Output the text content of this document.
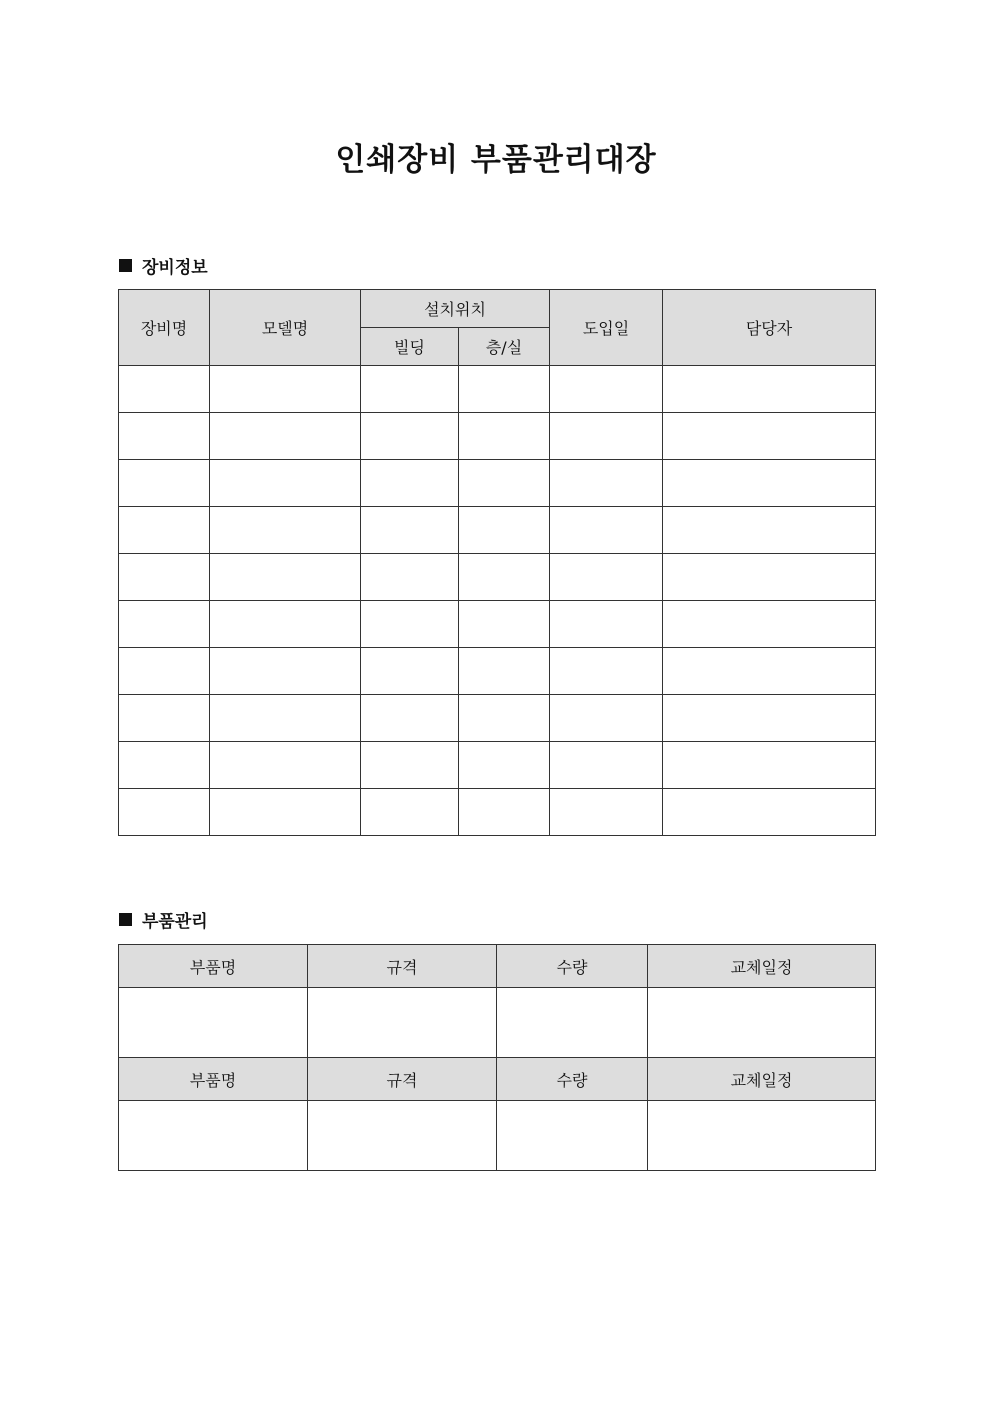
인쇄장비 부품관리대장
장비정보
장비명	모델명	설치위치		도입일	담당자
		빌딩	층/실		

부품관리
부품명	규격	수량	교체일정

부품명	규격	수량	교체일정
